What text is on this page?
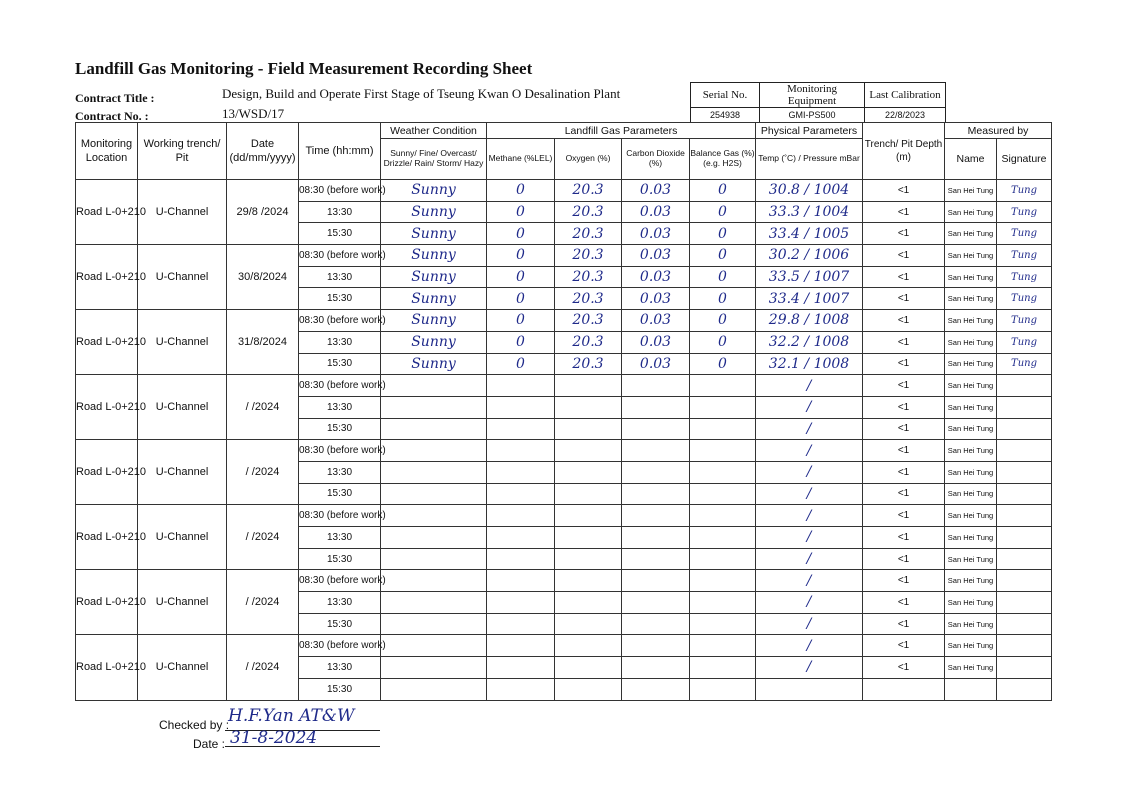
Landfill Gas Monitoring - Field Measurement Recording Sheet
Contract Title :	Design, Build and Operate First Stage of Tseung Kwan O Desalination Plant
Contract No. :	13/WSD/17
Serial No.	Monitoring Equipment	Last Calibration
254938	GMI-PS500	22/8/2023
Monitoring Location	Working trench/ Pit	Date (dd/mm/yyyy)	Time (hh:mm)	Weather Condition	Landfill Gas Parameters				Physical Parameters	Trench/ Pit Depth (m)	Measured by	
				Sunny/ Fine/ Overcast/ Drizzle/ Rain/ Storm/ Hazy	Methane (%LEL)	Oxygen (%)	Carbon Dioxide (%)	Balance Gas (%) (e.g. H2S)	Temp (˚C) / Pressure mBar		Name	Signature
Road L-0+210	U-Channel	29/8 /2024	08:30 (before work)	Sunny	0	20.3	0.03	0	30.8 / 1004	<1	San Hei Tung	Tung
			13:30	Sunny	0	20.3	0.03	0	33.3 / 1004	<1	San Hei Tung	Tung
			15:30	Sunny	0	20.3	0.03	0	33.4 / 1005	<1	San Hei Tung	Tung
Road L-0+210	U-Channel	30/8/2024	08:30 (before work)	Sunny	0	20.3	0.03	0	30.2 / 1006	<1	San Hei Tung	Tung
			13:30	Sunny	0	20.3	0.03	0	33.5 / 1007	<1	San Hei Tung	Tung
			15:30	Sunny	0	20.3	0.03	0	33.4 / 1007	<1	San Hei Tung	Tung
Road L-0+210	U-Channel	31/8/2024	08:30 (before work)	Sunny	0	20.3	0.03	0	29.8 / 1008	<1	San Hei Tung	Tung
			13:30	Sunny	0	20.3	0.03	0	32.2 / 1008	<1	San Hei Tung	Tung
			15:30	Sunny	0	20.3	0.03	0	32.1 / 1008	<1	San Hei Tung	Tung
Road L-0+210	U-Channel	/ /2024	08:30 (before work)						/	<1	San Hei Tung	
			13:30						/	<1	San Hei Tung	
			15:30						/	<1	San Hei Tung	
Road L-0+210	U-Channel	/ /2024	08:30 (before work)						/	<1	San Hei Tung	
			13:30						/	<1	San Hei Tung	
			15:30						/	<1	San Hei Tung	
Road L-0+210	U-Channel	/ /2024	08:30 (before work)						/	<1	San Hei Tung	
			13:30						/	<1	San Hei Tung	
			15:30						/	<1	San Hei Tung	
Road L-0+210	U-Channel	/ /2024	08:30 (before work)						/	<1	San Hei Tung	
			13:30						/	<1	San Hei Tung	
			15:30						/	<1	San Hei Tung	
Road L-0+210	U-Channel	/ /2024	08:30 (before work)						/	<1	San Hei Tung	
			13:30						/	<1	San Hei Tung	
			15:30									
Checked by :
H.F.Yan AT&W
Date : 31-8-2024
